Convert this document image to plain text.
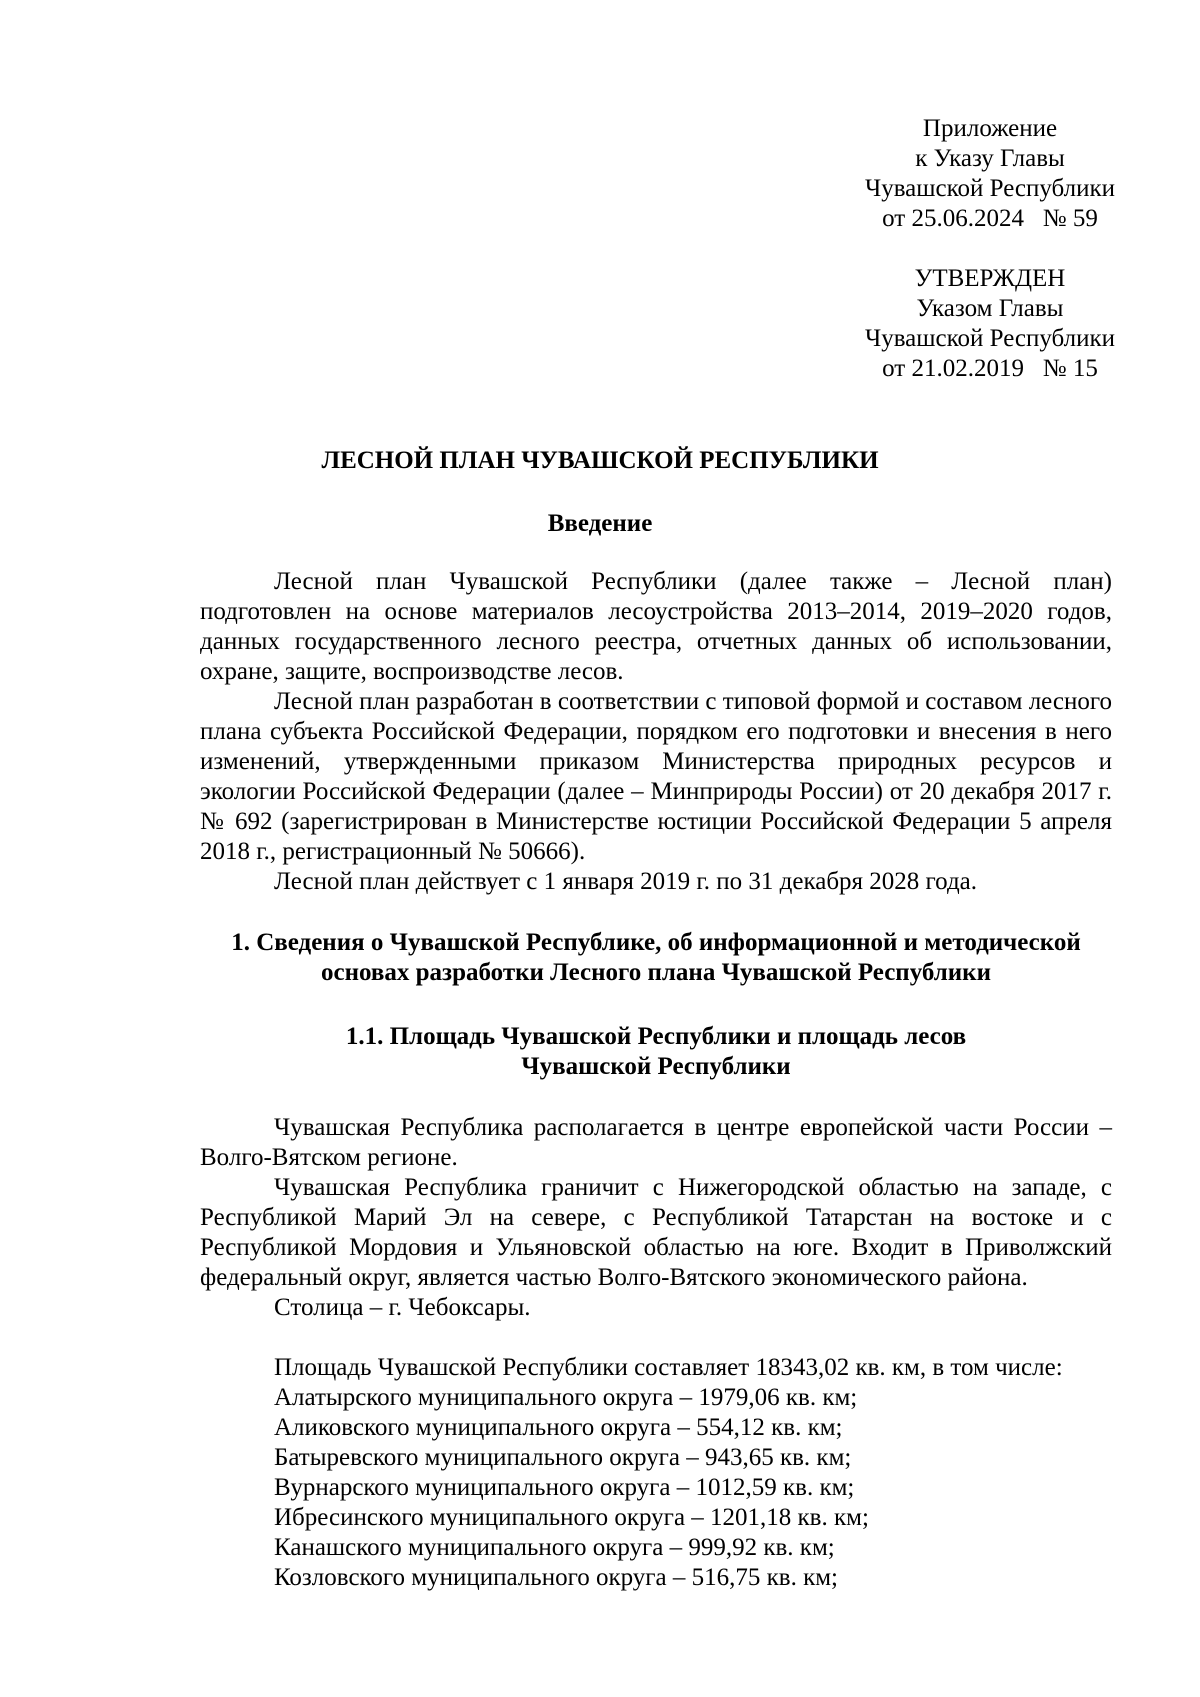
Приложение
к Указу Главы
Чувашской Республики
от 25.06.2024   № 59
УТВЕРЖДЕН
Указом Главы
Чувашской Республики
от 21.02.2019   № 15
ЛЕСНОЙ ПЛАН ЧУВАШСКОЙ РЕСПУБЛИКИ
Введение

Лесной план Чувашской Республики (далее также – Лесной план) подготовлен на основе материалов лесоустройства 2013–2014, 2019–2020 годов, данных государственного лесного реестра, отчетных данных об использовании, охране, защите, воспроизводстве лесов.

Лесной план разработан в соответствии с типовой формой и составом лесного плана субъекта Российской Федерации, порядком его подготовки и внесения в него изменений, утвержденными приказом Министерства природных ресурсов и экологии Российской Федерации (далее – Минприроды России) от 20 декабря 2017 г. № 692 (зарегистрирован в Министерстве юстиции Российской Федерации 5 апреля 2018 г., регистрационный № 50666).

Лесной план действует с 1 января 2019 г. по 31 декабря 2028 года.

1. Сведения о Чувашской Республике, об информационной и методической
основах разработки Лесного плана Чувашской Республики
1.1. Площадь Чувашской Республики и площадь лесов
Чувашской Республики

Чувашская Республика располагается в центре европейской части России – Волго-Вятском регионе.

Чувашская Республика граничит с Нижегородской областью на западе, с Республикой Марий Эл на севере, с Республикой Татарстан на востоке и с Республикой Мордовия и Ульяновской областью на юге. Входит в Приволжский федеральный округ, является частью Волго-Вятского экономического района.

Столица – г. Чебоксары.

Площадь Чувашской Республики составляет 18343,02 кв. км, в том числе:
Алатырского муниципального округа – 1979,06 кв. км;
Аликовского муниципального округа – 554,12 кв. км;
Батыревского муниципального округа – 943,65 кв. км;
Вурнарского муниципального округа – 1012,59 кв. км;
Ибресинского муниципального округа – 1201,18 кв. км;
Канашского муниципального округа – 999,92 кв. км;
Козловского муниципального округа – 516,75 кв. км;
